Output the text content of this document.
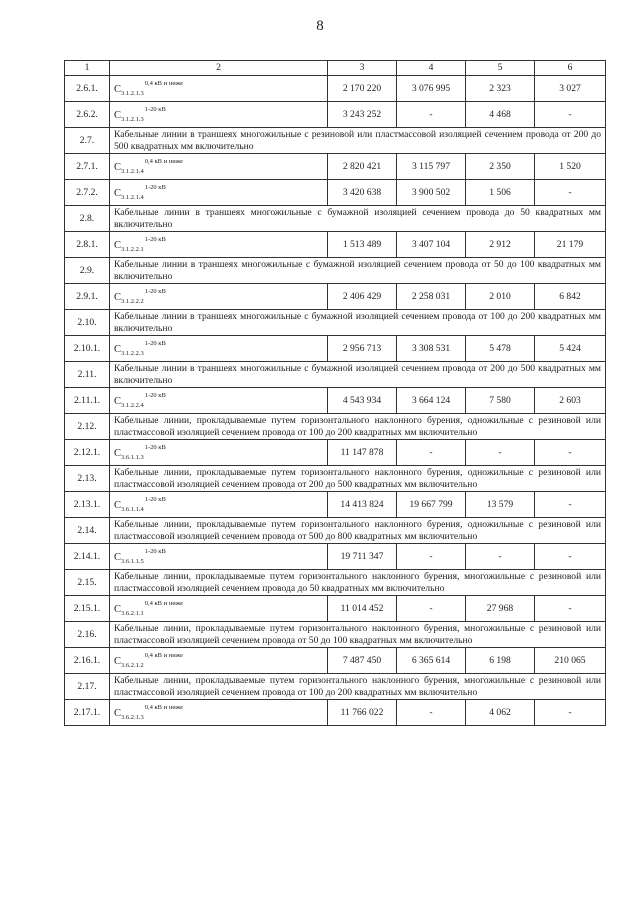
8
1	2	3	4	5	6
2.6.1.	$C_{3.1.2.1.3}^{0,4 кВ и ниже}$	2 170 220	3 076 995	2 323	3 027
2.6.2.	$C_{3.1.2.1.3}^{1-20 кВ}$	3 243 252	-	4 468	-
2.7.	Кабельные линии в траншеях многожильные с резиновой или пластмассовой изоляцией сечением провода от 200 до 500 квадратных мм включительно				
2.7.1.	$C_{3.1.2.1.4}^{0,4 кВ и ниже}$	2 820 421	3 115 797	2 350	1 520
2.7.2.	$C_{3.1.2.1.4}^{1-20 кВ}$	3 420 638	3 900 502	1 506	-
2.8.	Кабельные линии в траншеях многожильные с бумажной изоляцией сечением провода до 50 квадратных мм включительно				
2.8.1.	$C_{3.1.2.2.1}^{1-20 кВ}$	1 513 489	3 407 104	2 912	21 179
2.9.	Кабельные линии в траншеях многожильные с бумажной изоляцией сечением провода от 50 до 100 квадратных мм включительно				
2.9.1.	$C_{3.1.2.2.2}^{1-20 кВ}$	2 406 429	2 258 031	2 010	6 842
2.10.	Кабельные линии в траншеях многожильные с бумажной изоляцией сечением провода от 100 до 200 квадратных мм включительно				
2.10.1.	$C_{3.1.2.2.3}^{1-20 кВ}$	2 956 713	3 308 531	5 478	5 424
2.11.	Кабельные линии в траншеях многожильные с бумажной изоляцией сечением провода от 200 до 500 квадратных мм включительно				
2.11.1.	$C_{3.1.2.2.4}^{1-20 кВ}$	4 543 934	3 664 124	7 580	2 603
2.12.	Кабельные линии, прокладываемые путем горизонтального наклонного бурения, одножильные с резиновой или пластмассовой изоляцией сечением провода от 100 до 200 квадратных мм включительно				
2.12.1.	$C_{3.6.1.1.3}^{1-20 кВ}$	11 147 878	-	-	-
2.13.	Кабельные линии, прокладываемые путем горизонтального наклонного бурения, одножильные с резиновой или пластмассовой изоляцией сечением провода от 200 до 500 квадратных мм включительно				
2.13.1.	$C_{3.6.1.1.4}^{1-20 кВ}$	14 413 824	19 667 799	13 579	-
2.14.	Кабельные линии, прокладываемые путем горизонтального наклонного бурения, одножильные с резиновой или пластмассовой изоляцией сечением провода от 500 до 800 квадратных мм включительно				
2.14.1.	$C_{3.6.1.1.5}^{1-20 кВ}$	19 711 347	-	-	-
2.15.	Кабельные линии, прокладываемые путем горизонтального наклонного бурения, многожильные с резиновой или пластмассовой изоляцией сечением провода до 50 квадратных мм включительно				
2.15.1.	$C_{3.6.2.1.1}^{0,4 кВ и ниже}$	11 014 452	-	27 968	-
2.16.	Кабельные линии, прокладываемые путем горизонтального наклонного бурения, многожильные с резиновой или пластмассовой изоляцией сечением провода от 50 до 100 квадратных мм включительно				
2.16.1.	$C_{3.6.2.1.2}^{0,4 кВ и ниже}$	7 487 450	6 365 614	6 198	210 065
2.17.	Кабельные линии, прокладываемые путем горизонтального наклонного бурения, многожильные с резиновой или пластмассовой изоляцией сечением провода от 100 до 200 квадратных мм включительно				
2.17.1.	$C_{3.6.2.1.3}^{0,4 кВ и ниже}$	11 766 022	-	4 062	-
